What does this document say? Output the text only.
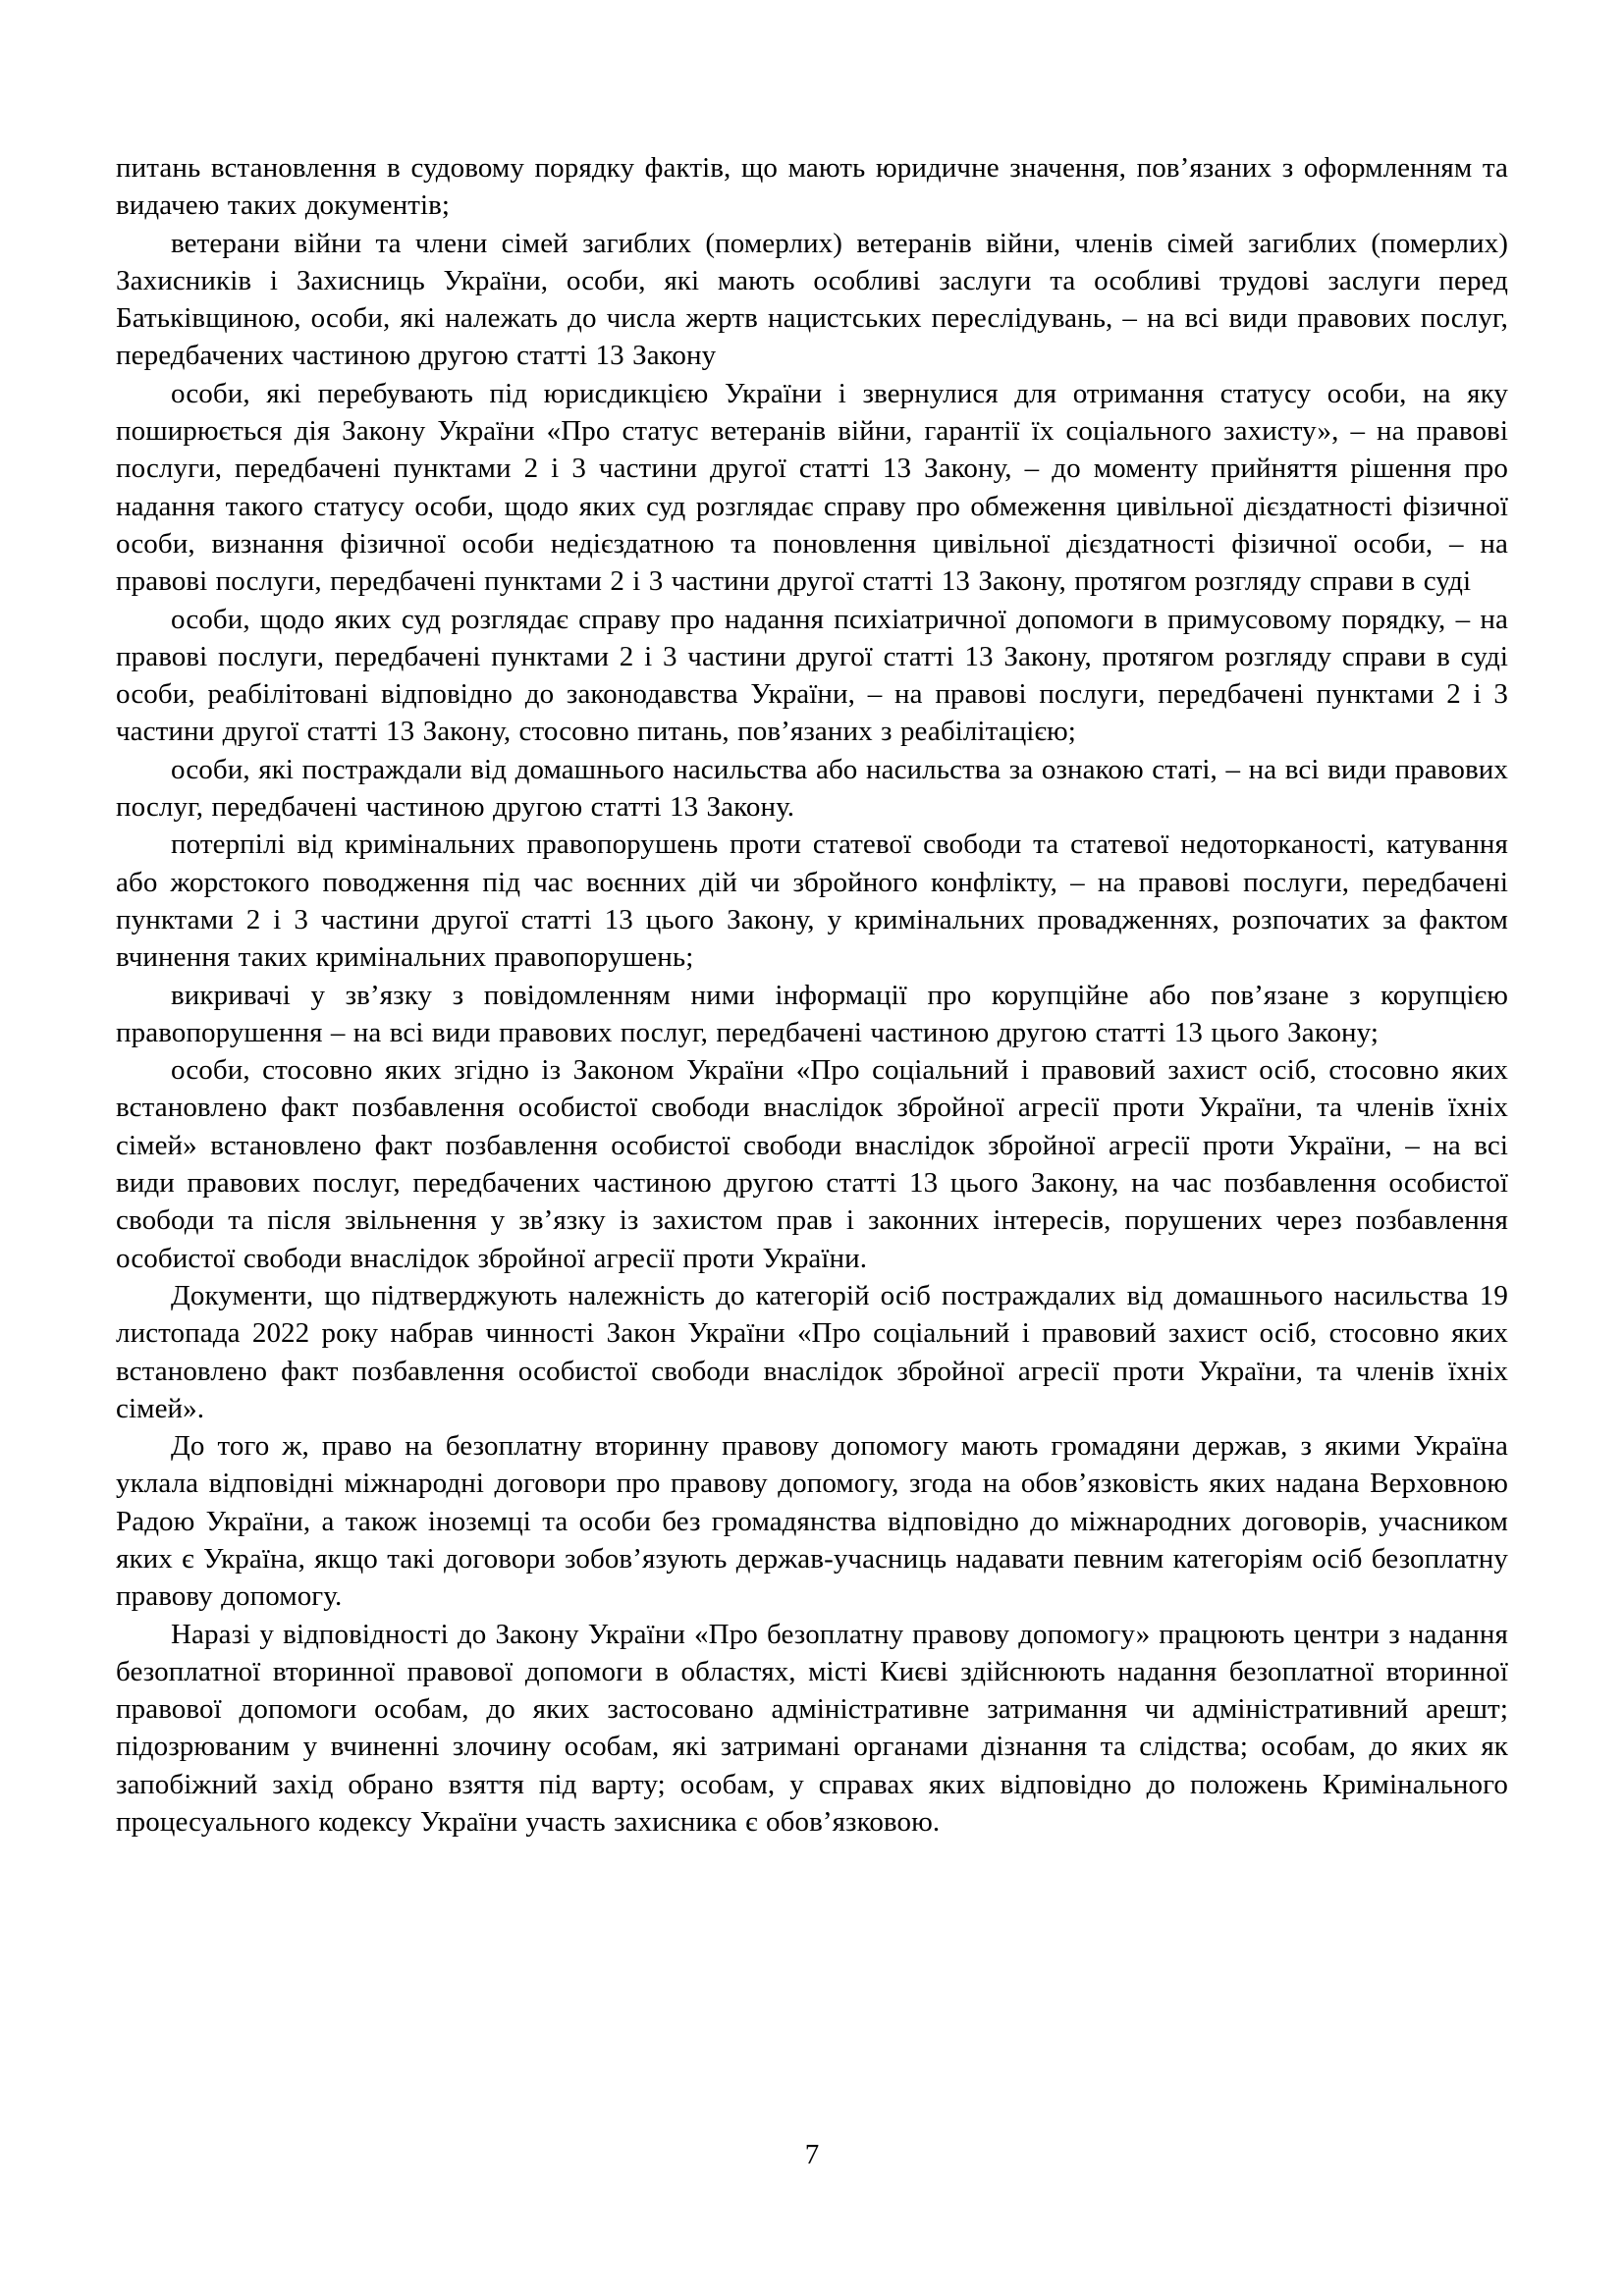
питань встановлення в судовому порядку фактів, що мають юридичне значення, пов’язаних з оформленням та видачею таких документів;

ветерани війни та члени сімей загиблих (померлих) ветеранів війни, членів сімей загиблих (померлих) Захисників і Захисниць України, особи, які мають особливі заслуги та особливі трудові заслуги перед Батьківщиною, особи, які належать до числа жертв нацистських переслідувань, – на всі види правових послуг, передбачених частиною другою статті 13 Закону

особи, які перебувають під юрисдикцією України і звернулися для отримання статусу особи, на яку поширюється дія Закону України «Про статус ветеранів війни, гарантії їх соціального захисту», – на правові послуги, передбачені пунктами 2 і 3 частини другої статті 13 Закону, – до моменту прийняття рішення про надання такого статусу особи, щодо яких суд розглядає справу про обмеження цивільної дієздатності фізичної особи, визнання фізичної особи недієздатною та поновлення цивільної дієздатності фізичної особи, – на правові послуги, передбачені пунктами 2 і 3 частини другої статті 13 Закону, протягом розгляду справи в суді

особи, щодо яких суд розглядає справу про надання психіатричної допомоги в примусовому порядку, – на правові послуги, передбачені пунктами 2 і 3 частини другої статті 13 Закону, протягом розгляду справи в суді особи, реабілітовані відповідно до законодавства України, – на правові послуги, передбачені пунктами 2 і 3 частини другої статті 13 Закону, стосовно питань, пов’язаних з реабілітацією;

особи, які постраждали від домашнього насильства або насильства за ознакою статі, – на всі види правових послуг, передбачені частиною другою статті 13 Закону.

потерпілі від кримінальних правопорушень проти статевої свободи та статевої недоторканості, катування або жорстокого поводження під час воєнних дій чи збройного конфлікту, – на правові послуги, передбачені пунктами 2 і 3 частини другої статті 13 цього Закону, у кримінальних провадженнях, розпочатих за фактом вчинення таких кримінальних правопорушень;

викривачі у зв’язку з повідомленням ними інформації про корупційне або пов’язане з корупцією правопорушення – на всі види правових послуг, передбачені частиною другою статті 13 цього Закону;

особи, стосовно яких згідно із Законом України «Про соціальний і правовий захист осіб, стосовно яких встановлено факт позбавлення особистої свободи внаслідок збройної агресії проти України, та членів їхніх сімей» встановлено факт позбавлення особистої свободи внаслідок збройної агресії проти України, – на всі види правових послуг, передбачених частиною другою статті 13 цього Закону, на час позбавлення особистої свободи та після звільнення у зв’язку із захистом прав і законних інтересів, порушених через позбавлення особистої свободи внаслідок збройної агресії проти України.

Документи, що підтверджують належність до категорій осіб постраждалих від домашнього насильства 19 листопада 2022 року набрав чинності Закон України «Про соціальний і правовий захист осіб, стосовно яких встановлено факт позбавлення особистої свободи внаслідок збройної агресії проти України, та членів їхніх сімей».

До того ж, право на безоплатну вторинну правову допомогу мають громадяни держав, з якими Україна уклала відповідні міжнародні договори про правову допомогу, згода на обов’язковість яких надана Верховною Радою України, а також іноземці та особи без громадянства відповідно до міжнародних договорів, учасником яких є Україна, якщо такі договори зобов’язують держав-учасниць надавати певним категоріям осіб безоплатну правову допомогу.

Наразі у відповідності до Закону України «Про безоплатну правову допомогу» працюють центри з надання безоплатної вторинної правової допомоги в областях, місті Києві здійснюють надання безоплатної вторинної правової допомоги особам, до яких застосовано адміністративне затримання чи адміністративний арешт; підозрюваним у вчиненні злочину особам, які затримані органами дізнання та слідства; особам, до яких як запобіжний захід обрано взяття під варту; особам, у справах яких відповідно до положень Кримінального процесуального кодексу України участь захисника є обов’язковою.

7
